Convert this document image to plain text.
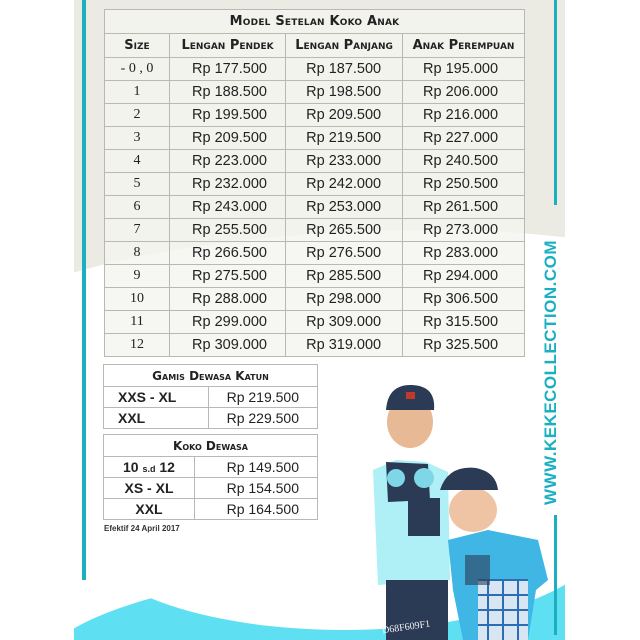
WWW.KEKECOLLECTION.COM
Model Setelan Koko Anak			
Size	Lengan Pendek	Lengan Panjang	Anak Perempuan
- 0 , 0	Rp 177.500	Rp 187.500	Rp 195.000
1	Rp 188.500	Rp 198.500	Rp 206.000
2	Rp 199.500	Rp 209.500	Rp 216.000
3	Rp 209.500	Rp 219.500	Rp 227.000
4	Rp 223.000	Rp 233.000	Rp 240.500
5	Rp 232.000	Rp 242.000	Rp 250.500
6	Rp 243.000	Rp 253.000	Rp 261.500
7	Rp 255.500	Rp 265.500	Rp 273.000
8	Rp 266.500	Rp 276.500	Rp 283.000
9	Rp 275.500	Rp 285.500	Rp 294.000
10	Rp 288.000	Rp 298.000	Rp 306.500
11	Rp 299.000	Rp 309.000	Rp 315.500
12	Rp 309.000	Rp 319.000	Rp 325.500
Gamis Dewasa Katun	
XXS - XL	Rp 219.500
XXL	Rp 229.500
Koko Dewasa	
10 s.d 12	Rp 149.500
XS - XL	Rp 154.500
XXL	Rp 164.500
Efektif 24 April 2017
D68F609F1
